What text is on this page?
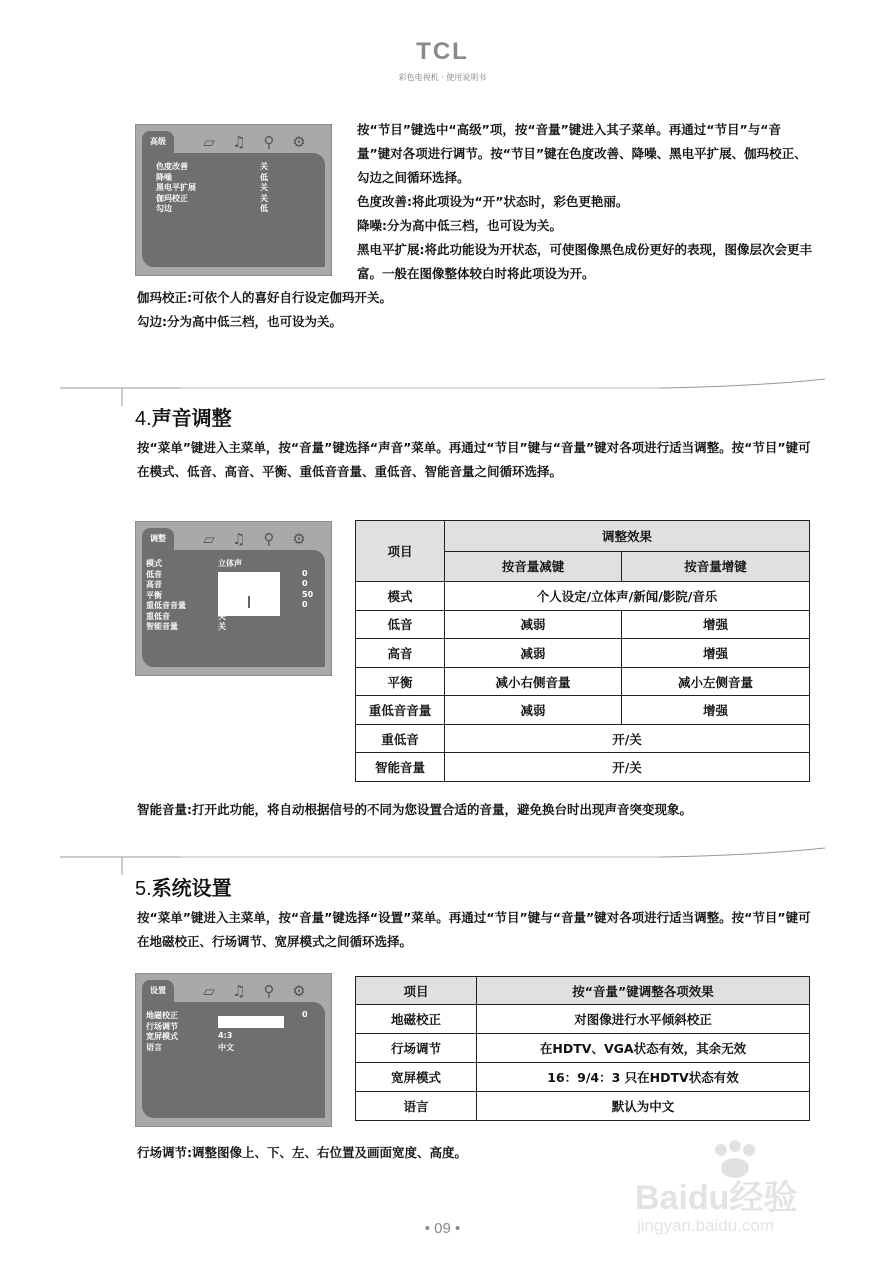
TCL
彩色电视机 · 使用说明书
高级	▱	♫	⚲	⚙
色度改善	关
降噪	低
黑电平扩展	关
伽玛校正	关
勾边	低
按“节目”键选中“高级”项，按“音量”键进入其子菜单。再通过“节目”与“音量”键对各项进行调节。按“节目”键在色度改善、降噪、黑电平扩展、伽玛校正、勾边之间循环选择。
色度改善:将此项设为“开”状态时，彩色更艳丽。
降噪:分为高中低三档，也可设为关。
黑电平扩展:将此功能设为开状态，可使图像黑色成份更好的表现，图像层次会更丰富。一般在图像整体较白时将此项设为开。
伽玛校正:可依个人的喜好自行设定伽玛开关。
勾边:分为高中低三档，也可设为关。
4.声音调整
按“菜单”键进入主菜单，按“音量”键选择“声音”菜单。再通过“节目”键与“音量”键对各项进行适当调整。按“节目”键可在模式、低音、高音、平衡、重低音音量、重低音、智能音量之间循环选择。
调整	▱	♫	⚲	⚙
模式	立体声
低音	0
高音	0
平衡	50
重低音音量	0
重低音	关
智能音量	关
项目	调整效果	
	按音量减键	按音量增键
模式	个人设定/立体声/新闻/影院/音乐	
低音	减弱	增强
高音	减弱	增强
平衡	减小右侧音量	减小左侧音量
重低音音量	减弱	增强
重低音	开/关	
智能音量	开/关	
智能音量:打开此功能，将自动根据信号的不同为您设置合适的音量，避免换台时出现声音突变现象。
5.系统设置
按“菜单”键进入主菜单，按“音量”键选择“设置”菜单。再通过“节目”键与“音量”键对各项进行适当调整。按“节目”键可在地磁校正、行场调节、宽屏模式之间循环选择。
设置	▱	♫	⚲	⚙
地磁校正	0
行场调节	>
宽屏模式	4:3
语言	中文
项目	按“音量”键调整各项效果
地磁校正	对图像进行水平倾斜校正
行场调节	在HDTV、VGA状态有效，其余无效
宽屏模式	16：9/4：3 只在HDTV状态有效
语言	默认为中文
行场调节:调整图像上、下、左、右位置及画面宽度、高度。
• 09 •
Baidu经验
jingyan.baidu.com
